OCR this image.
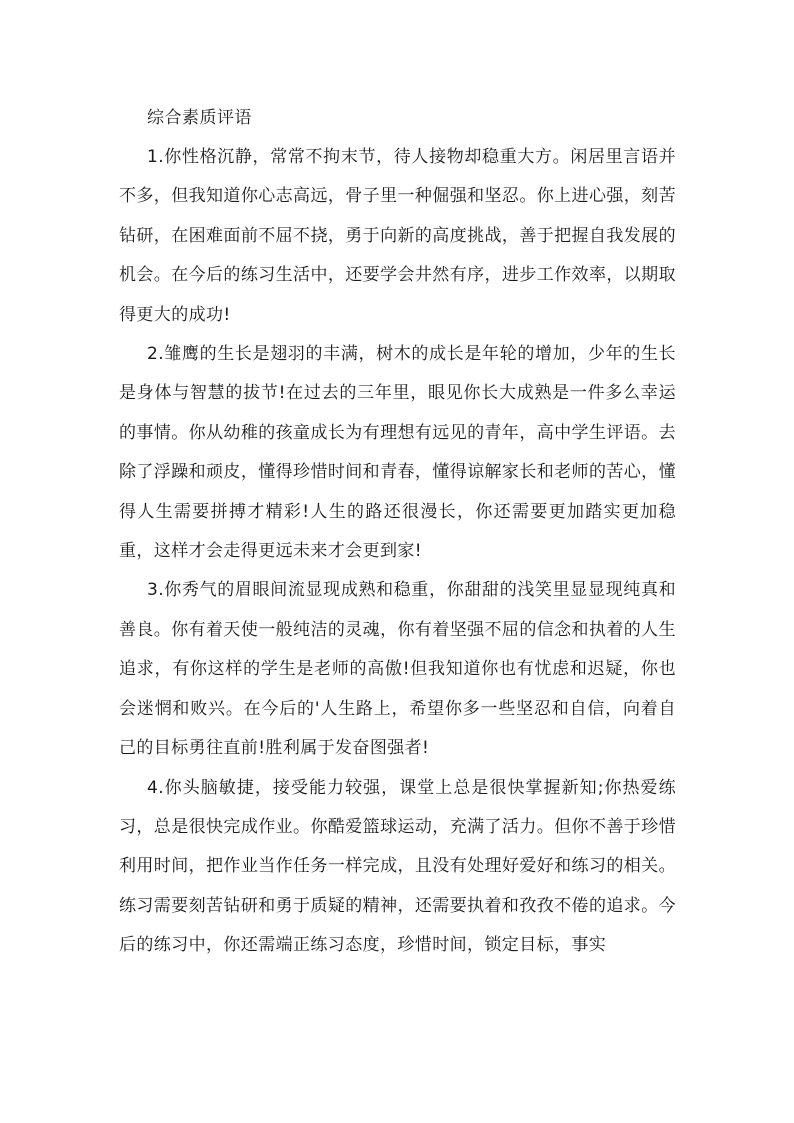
综合素质评语

1.你性格沉静，常常不拘末节，待人接物却稳重大方。闲居里言语并不多，但我知道你心志高远，骨子里一种倔强和坚忍。你上进心强，刻苦钻研，在困难面前不屈不挠，勇于向新的高度挑战，善于把握自我发展的机会。在今后的练习生活中，还要学会井然有序，进步工作效率，以期取得更大的成功!

2.雏鹰的生长是翅羽的丰满，树木的成长是年轮的增加，少年的生长是身体与智慧的拔节!在过去的三年里，眼见你长大成熟是一件多么幸运的事情。你从幼稚的孩童成长为有理想有远见的青年，高中学生评语。去除了浮躁和顽皮，懂得珍惜时间和青春，懂得谅解家长和老师的苦心，懂得人生需要拼搏才精彩!人生的路还很漫长，你还需要更加踏实更加稳重，这样才会走得更远未来才会更到家!

3.你秀气的眉眼间流显现成熟和稳重，你甜甜的浅笑里显显现纯真和善良。你有着天使一般纯洁的灵魂，你有着坚强不屈的信念和执着的人生追求，有你这样的学生是老师的高傲!但我知道你也有忧虑和迟疑，你也会迷惘和败兴。在今后的'人生路上，希望你多一些坚忍和自信，向着自己的目标勇往直前!胜利属于发奋图强者!

4.你头脑敏捷，接受能力较强，课堂上总是很快掌握新知;你热爱练习，总是很快完成作业。你酷爱篮球运动，充满了活力。但你不善于珍惜利用时间，把作业当作任务一样完成，且没有处理好爱好和练习的相关。练习需要刻苦钻研和勇于质疑的精神，还需要执着和孜孜不倦的追求。今后的练习中，你还需端正练习态度，珍惜时间，锁定目标，事实
